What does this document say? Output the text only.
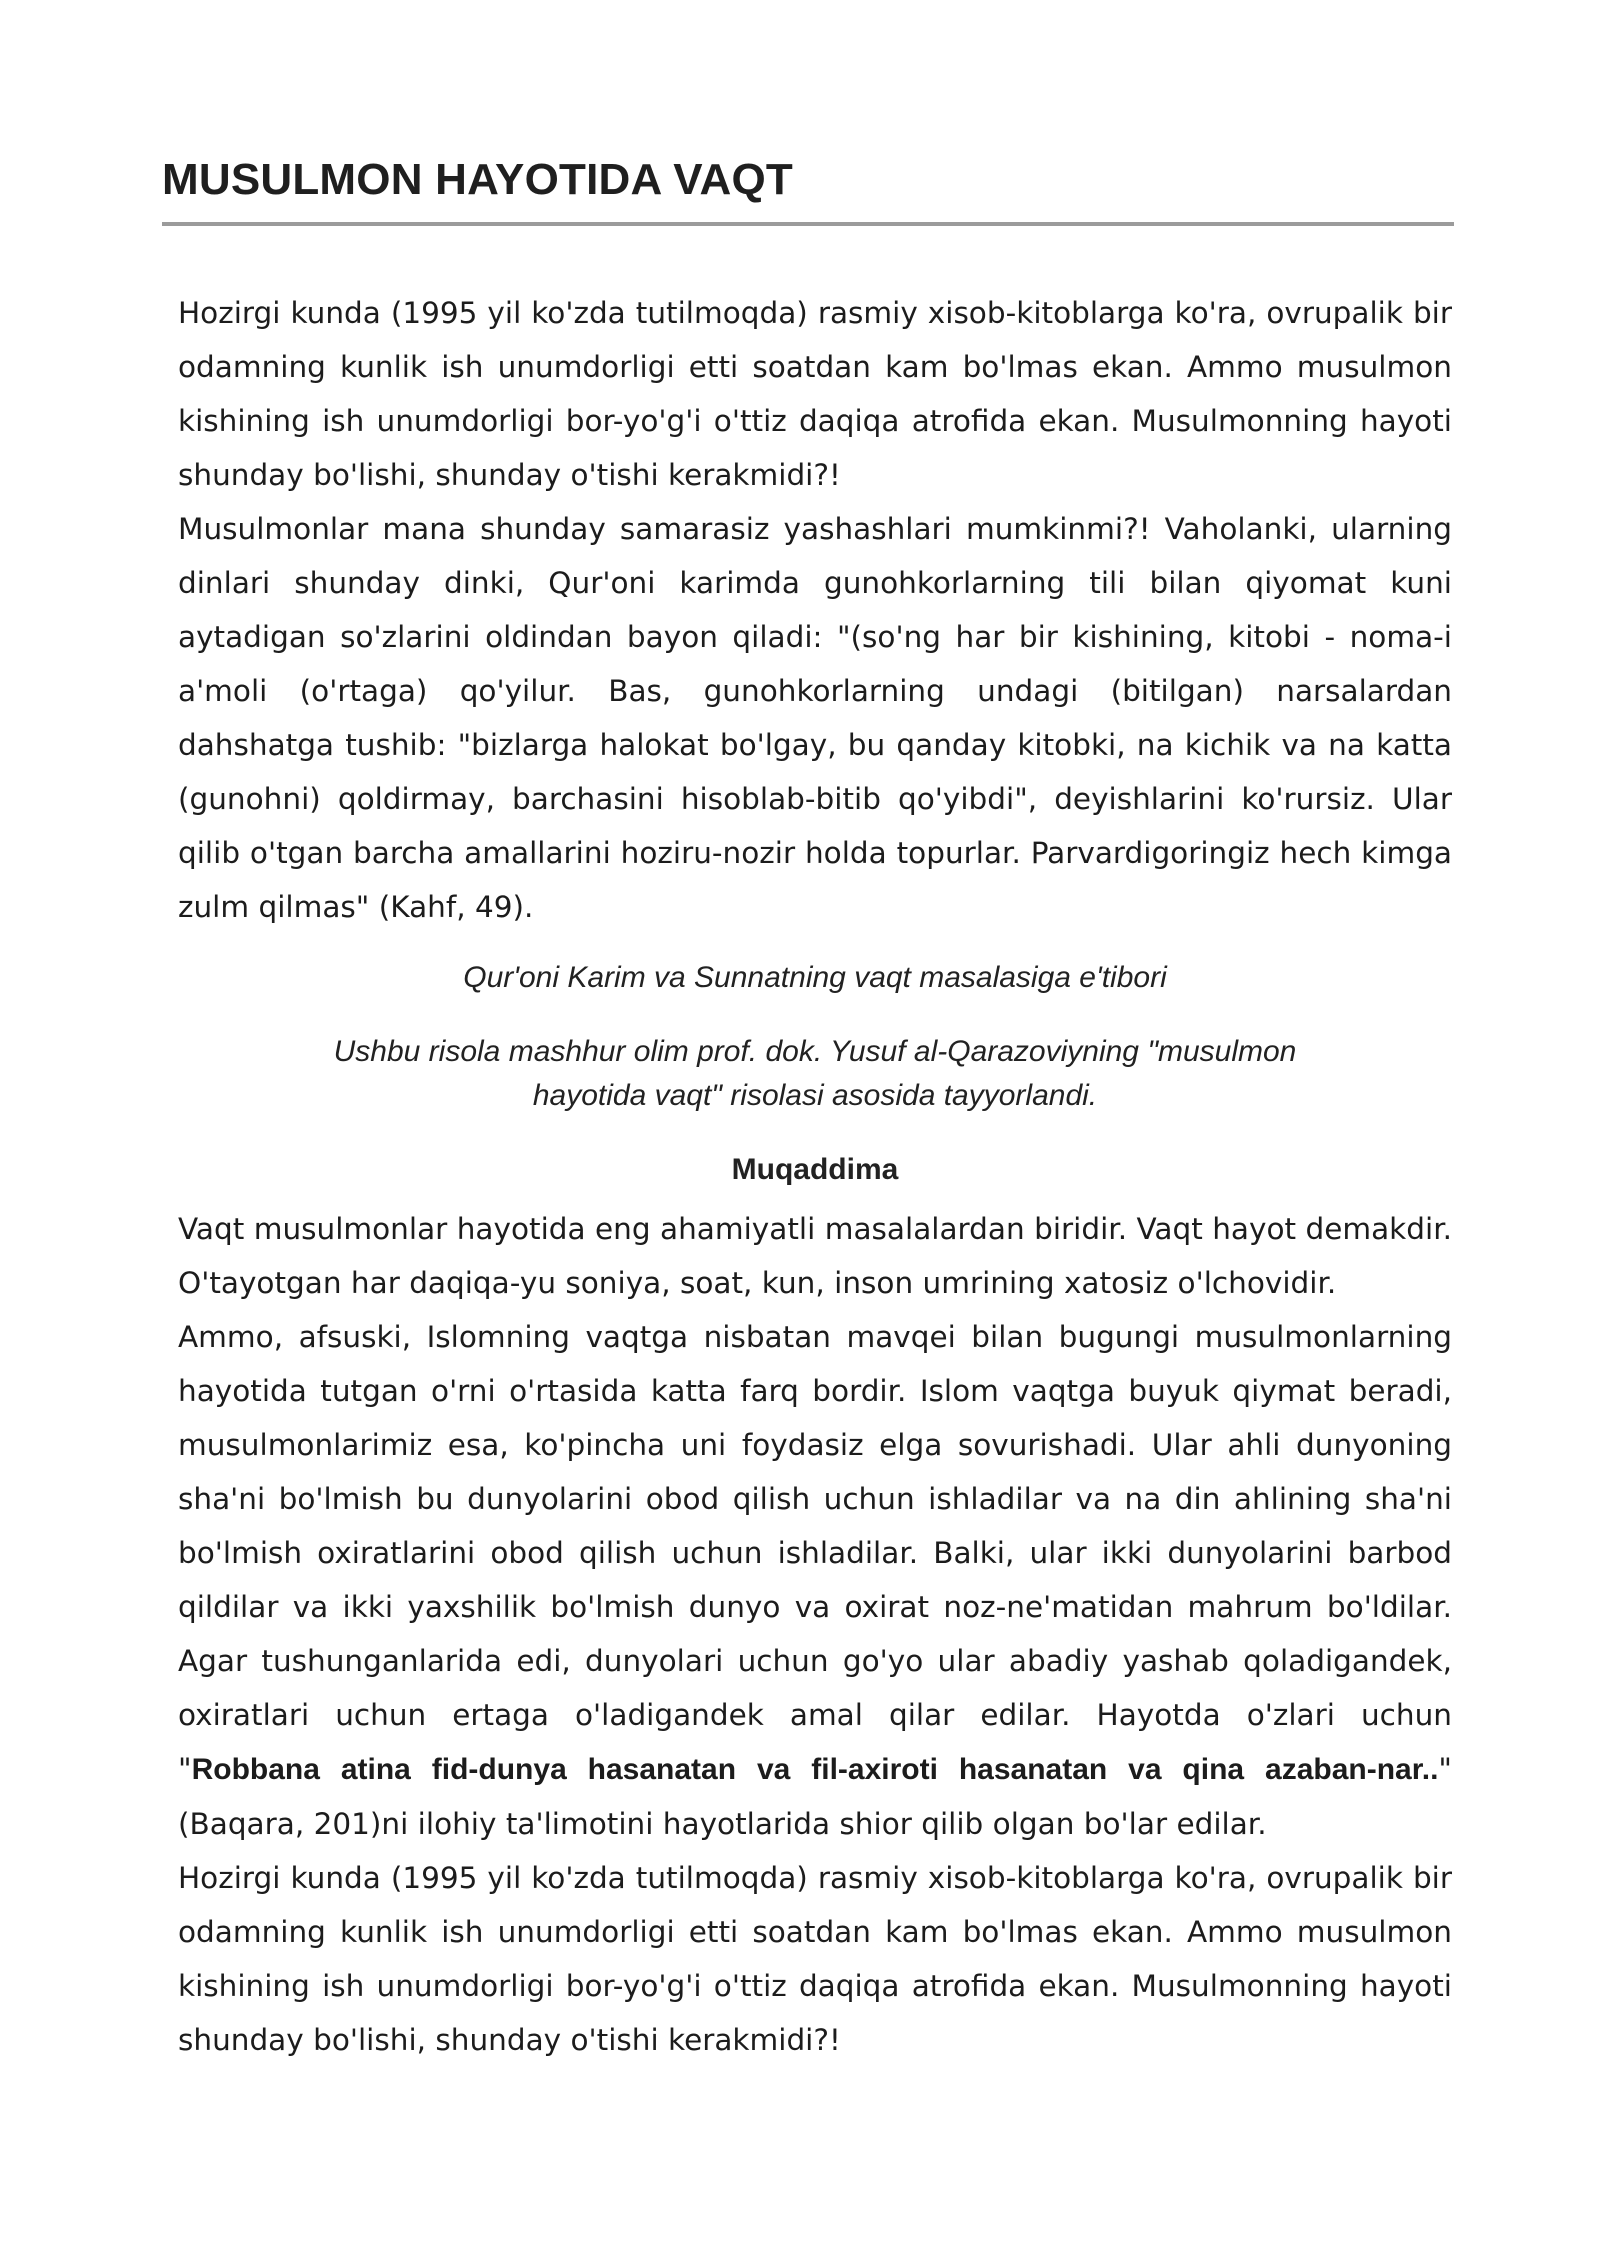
MUSULMON HAYOTIDA VAQT

Hozirgi kunda (1995 yil ko'zda tutilmoqda) rasmiy xisob-kitoblarga ko'ra, ovrupalik bir odamning kunlik ish unumdorligi etti soatdan kam bo'lmas ekan. Ammo musulmon kishining ish unumdorligi bor-yo'g'i o'ttiz daqiqa atrofida ekan. Musulmonning hayoti shunday bo'lishi, shunday o'tishi kerakmidi?!

Musulmonlar mana shunday samarasiz yashashlari mumkinmi?! Vaholanki, ularning dinlari shunday dinki, Qur'oni karimda gunohkorlarning tili bilan qiyomat kuni aytadigan so'zlarini oldindan bayon qiladi: "(so'ng har bir kishining, kitobi - noma-i a'moli (o'rtaga) qo'yilur. Bas, gunohkorlarning undagi (bitilgan) narsalardan dahshatga tushib: "bizlarga halokat bo'lgay, bu qanday kitobki, na kichik va na katta (gunohni) qoldirmay, barchasini hisoblab-bitib qo'yibdi", deyishlarini ko'rursiz. Ular qilib o'tgan barcha amallarini hoziru-nozir holda topurlar. Parvardigoringiz hech kimga zulm qilmas" (Kahf, 49).

Qur'oni Karim va Sunnatning vaqt masalasiga e'tibori

Ushbu risola mashhur olim prof. dok. Yusuf al-Qarazoviyning "musulmon hayotida vaqt" risolasi asosida tayyorlandi.

Muqaddima

Vaqt musulmonlar hayotida eng ahamiyatli masalalardan biridir. Vaqt hayot demakdir. O'tayotgan har daqiqa-yu soniya, soat, kun, inson umrining xatosiz o'lchovidir.

Ammo, afsuski, Islomning vaqtga nisbatan mavqei bilan bugungi musulmonlarning hayotida tutgan o'rni o'rtasida katta farq bordir. Islom vaqtga buyuk qiymat beradi, musulmonlarimiz esa, ko'pincha uni foydasiz elga sovurishadi. Ular ahli dunyoning sha'ni bo'lmish bu dunyolarini obod qilish uchun ishladilar va na din ahlining sha'ni bo'lmish oxiratlarini obod qilish uchun ishladilar. Balki, ular ikki dunyolarini barbod qildilar va ikki yaxshilik bo'lmish dunyo va oxirat noz-ne'matidan mahrum bo'ldilar. Agar tushunganlarida edi, dunyolari uchun go'yo ular abadiy yashab qoladigandek, oxiratlari uchun ertaga o'ladigandek amal qilar edilar. Hayotda o'zlari uchun "Robbana atina fid-dunya hasanatan va fil-axiroti hasanatan va qina azaban-nar.."(Baqara, 201)ni ilohiy ta'limotini hayotlarida shior qilib olgan bo'lar edilar.

Hozirgi kunda (1995 yil ko'zda tutilmoqda) rasmiy xisob-kitoblarga ko'ra, ovrupalik bir odamning kunlik ish unumdorligi etti soatdan kam bo'lmas ekan. Ammo musulmon kishining ish unumdorligi bor-yo'g'i o'ttiz daqiqa atrofida ekan. Musulmonning hayoti shunday bo'lishi, shunday o'tishi kerakmidi?!
